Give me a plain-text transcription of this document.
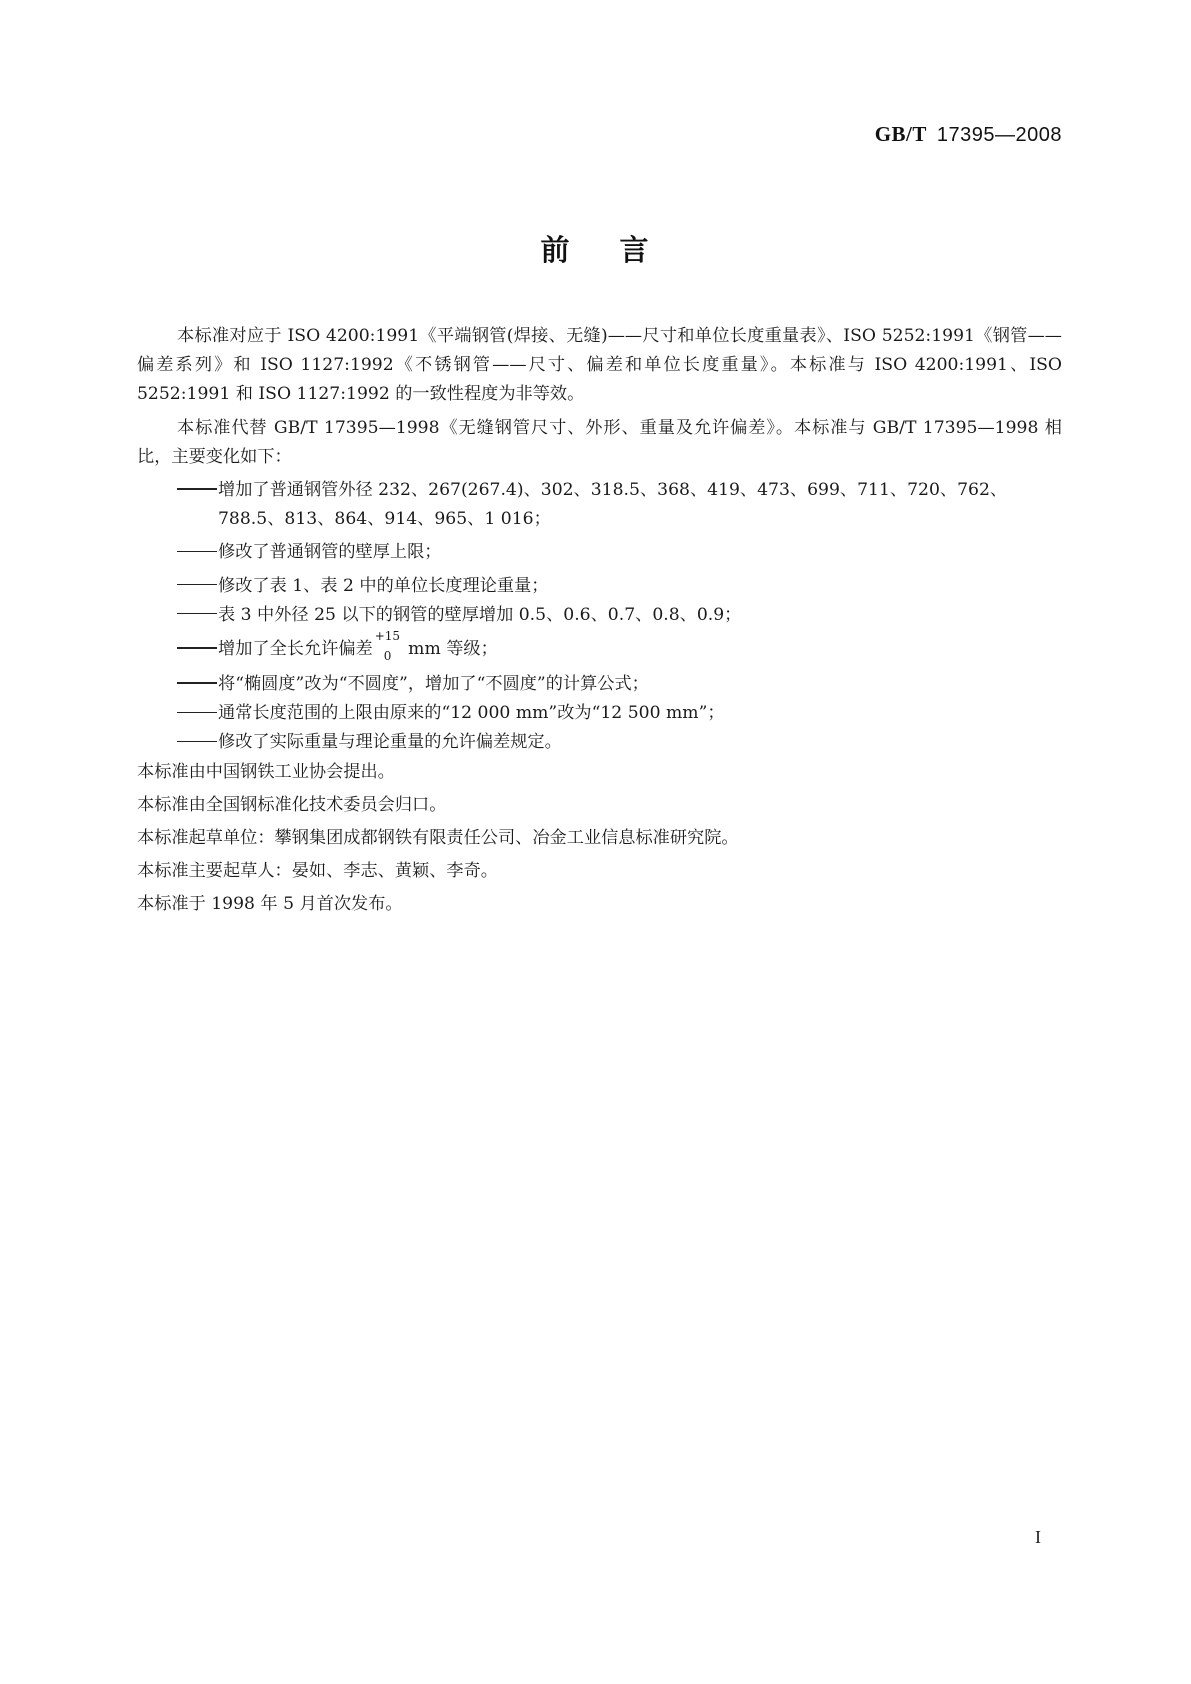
GB/T 17395—2008
前言

本标准对应于 ISO 4200:1991《平端钢管(焊接、无缝)——尺寸和单位长度重量表》、ISO 5252:1991《钢管——偏差系列》和 ISO 1127:1992《不锈钢管——尺寸、偏差和单位长度重量》。本标准与 ISO 4200:1991、ISO 5252:1991 和 ISO 1127:1992 的一致性程度为非等效。

本标准代替 GB/T 17395—1998《无缝钢管尺寸、外形、重量及允许偏差》。本标准与 GB/T 17395—1998 相比，主要变化如下：

增加了普通钢管外径 232、267(267.4)、302、318.5、368、419、473、699、711、720、762、788.5、813、864、914、965、1 016；

修改了普通钢管的壁厚上限；

修改了表 1、表 2 中的单位长度理论重量；

表 3 中外径 25 以下的钢管的壁厚增加 0.5、0.6、0.7、0.8、0.9；

增加了全长允许偏差
+15
0 mm 等级；

将“椭圆度”改为“不圆度”，增加了“不圆度”的计算公式；

通常长度范围的上限由原来的“12 000 mm”改为“12 500 mm”；

修改了实际重量与理论重量的允许偏差规定。

本标准由中国钢铁工业协会提出。

本标准由全国钢标准化技术委员会归口。

本标准起草单位：攀钢集团成都钢铁有限责任公司、冶金工业信息标准研究院。

本标准主要起草人：晏如、李志、黄颖、李奇。

本标准于 1998 年 5 月首次发布。

I
